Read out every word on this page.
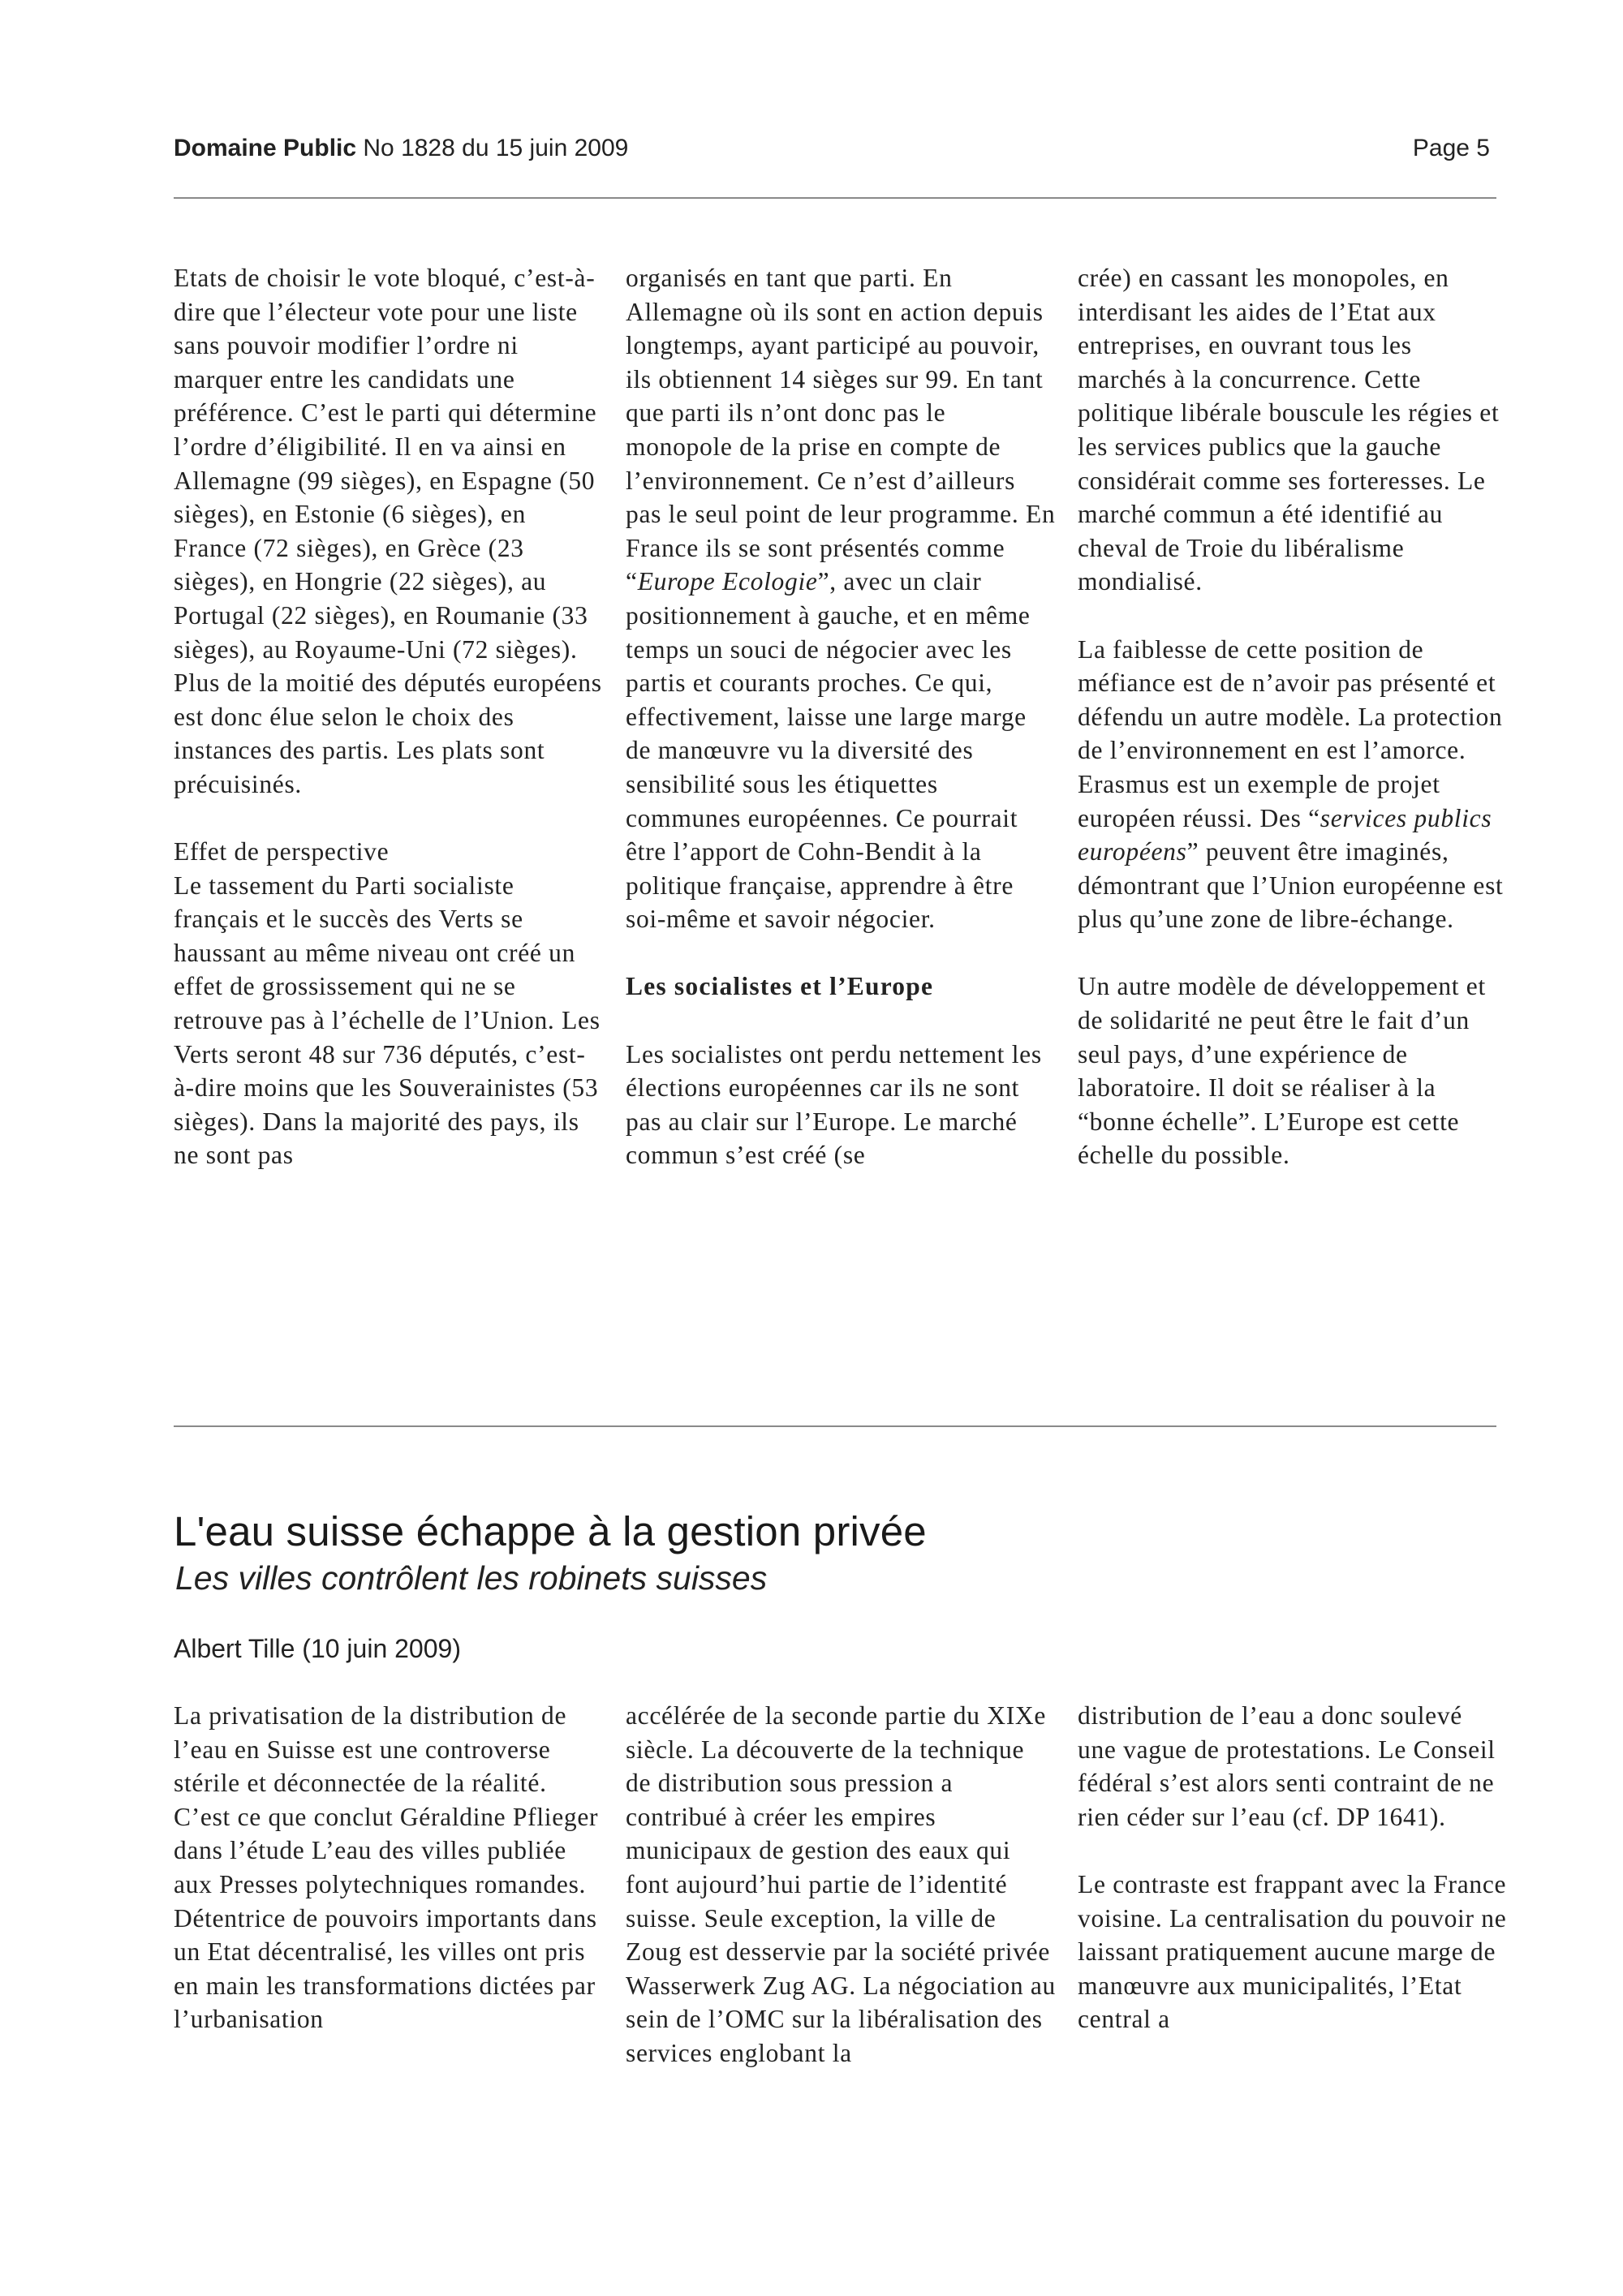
Domaine Public No 1828 du 15 juin 2009	Page 5

Etats de choisir le vote bloqué, c’est-à-dire que l’électeur vote pour une liste sans pouvoir modifier l’ordre ni marquer entre les candidats une préférence. C’est le parti qui détermine l’ordre d’éligibilité. Il en va ainsi en Allemagne (99 sièges), en Espagne (50 sièges), en Estonie (6 sièges), en France (72 sièges), en Grèce (23 sièges), en Hongrie (22 sièges), au Portugal (22 sièges), en Roumanie (33 sièges), au Royaume-Uni (72 sièges). Plus de la moitié des députés européens est donc élue selon le choix des instances des partis. Les plats sont précuisinés.

Effet de perspective
Le tassement du Parti socialiste français et le succès des Verts se haussant au même niveau ont créé un effet de grossissement qui ne se retrouve pas à l’échelle de l’Union. Les Verts seront 48 sur 736 députés, c’est-à-dire moins que les Souverainistes (53 sièges). Dans la majorité des pays, ils ne sont pas

organisés en tant que parti. En Allemagne où ils sont en action depuis longtemps, ayant participé au pouvoir, ils obtiennent 14 sièges sur 99. En tant que parti ils n’ont donc pas le monopole de la prise en compte de l’environnement. Ce n’est d’ailleurs pas le seul point de leur programme. En France ils se sont présentés comme “Europe Ecologie”, avec un clair positionnement à gauche, et en même temps un souci de négocier avec les partis et courants proches. Ce qui, effectivement, laisse une large marge de manœuvre vu la diversité des sensibilité sous les étiquettes communes européennes. Ce pourrait être l’apport de Cohn-Bendit à la politique française, apprendre à être soi-même et savoir négocier.

Les socialistes et l’Europe

Les socialistes ont perdu nettement les élections européennes car ils ne sont pas au clair sur l’Europe. Le marché commun s’est créé (se

crée) en cassant les monopoles, en interdisant les aides de l’Etat aux entreprises, en ouvrant tous les marchés à la concurrence. Cette politique libérale bouscule les régies et les services publics que la gauche considérait comme ses forteresses. Le marché commun a été identifié au cheval de Troie du libéralisme mondialisé.

La faiblesse de cette position de méfiance est de n’avoir pas présenté et défendu un autre modèle. La protection de l’environnement en est l’amorce. Erasmus est un exemple de projet européen réussi. Des “services publics européens” peuvent être imaginés, démontrant que l’Union européenne est plus qu’une zone de libre-échange.

Un autre modèle de développement et de solidarité ne peut être le fait d’un seul pays, d’une expérience de laboratoire. Il doit se réaliser à la “bonne échelle”. L’Europe est cette échelle du possible.

L'eau suisse échappe à la gestion privée
Les villes contrôlent les robinets suisses
Albert Tille (10 juin 2009)

La privatisation de la distribution de l’eau en Suisse est une controverse stérile et déconnectée de la réalité. C’est ce que conclut Géraldine Pflieger dans l’étude L’eau des villes publiée aux Presses polytechniques romandes. Détentrice de pouvoirs importants dans un Etat décentralisé, les villes ont pris en main les transformations dictées par l’urbanisation

accélérée de la seconde partie du XIXe siècle. La découverte de la technique de distribution sous pression a contribué à créer les empires municipaux de gestion des eaux qui font aujourd’hui partie de l’identité suisse. Seule exception, la ville de Zoug est desservie par la société privée Wasserwerk Zug AG. La négociation au sein de l’OMC sur la libéralisation des services englobant la

distribution de l’eau a donc soulevé une vague de protestations. Le Conseil fédéral s’est alors senti contraint de ne rien céder sur l’eau (cf. DP 1641).

Le contraste est frappant avec la France voisine. La centralisation du pouvoir ne laissant pratiquement aucune marge de manœuvre aux municipalités, l’Etat central a
